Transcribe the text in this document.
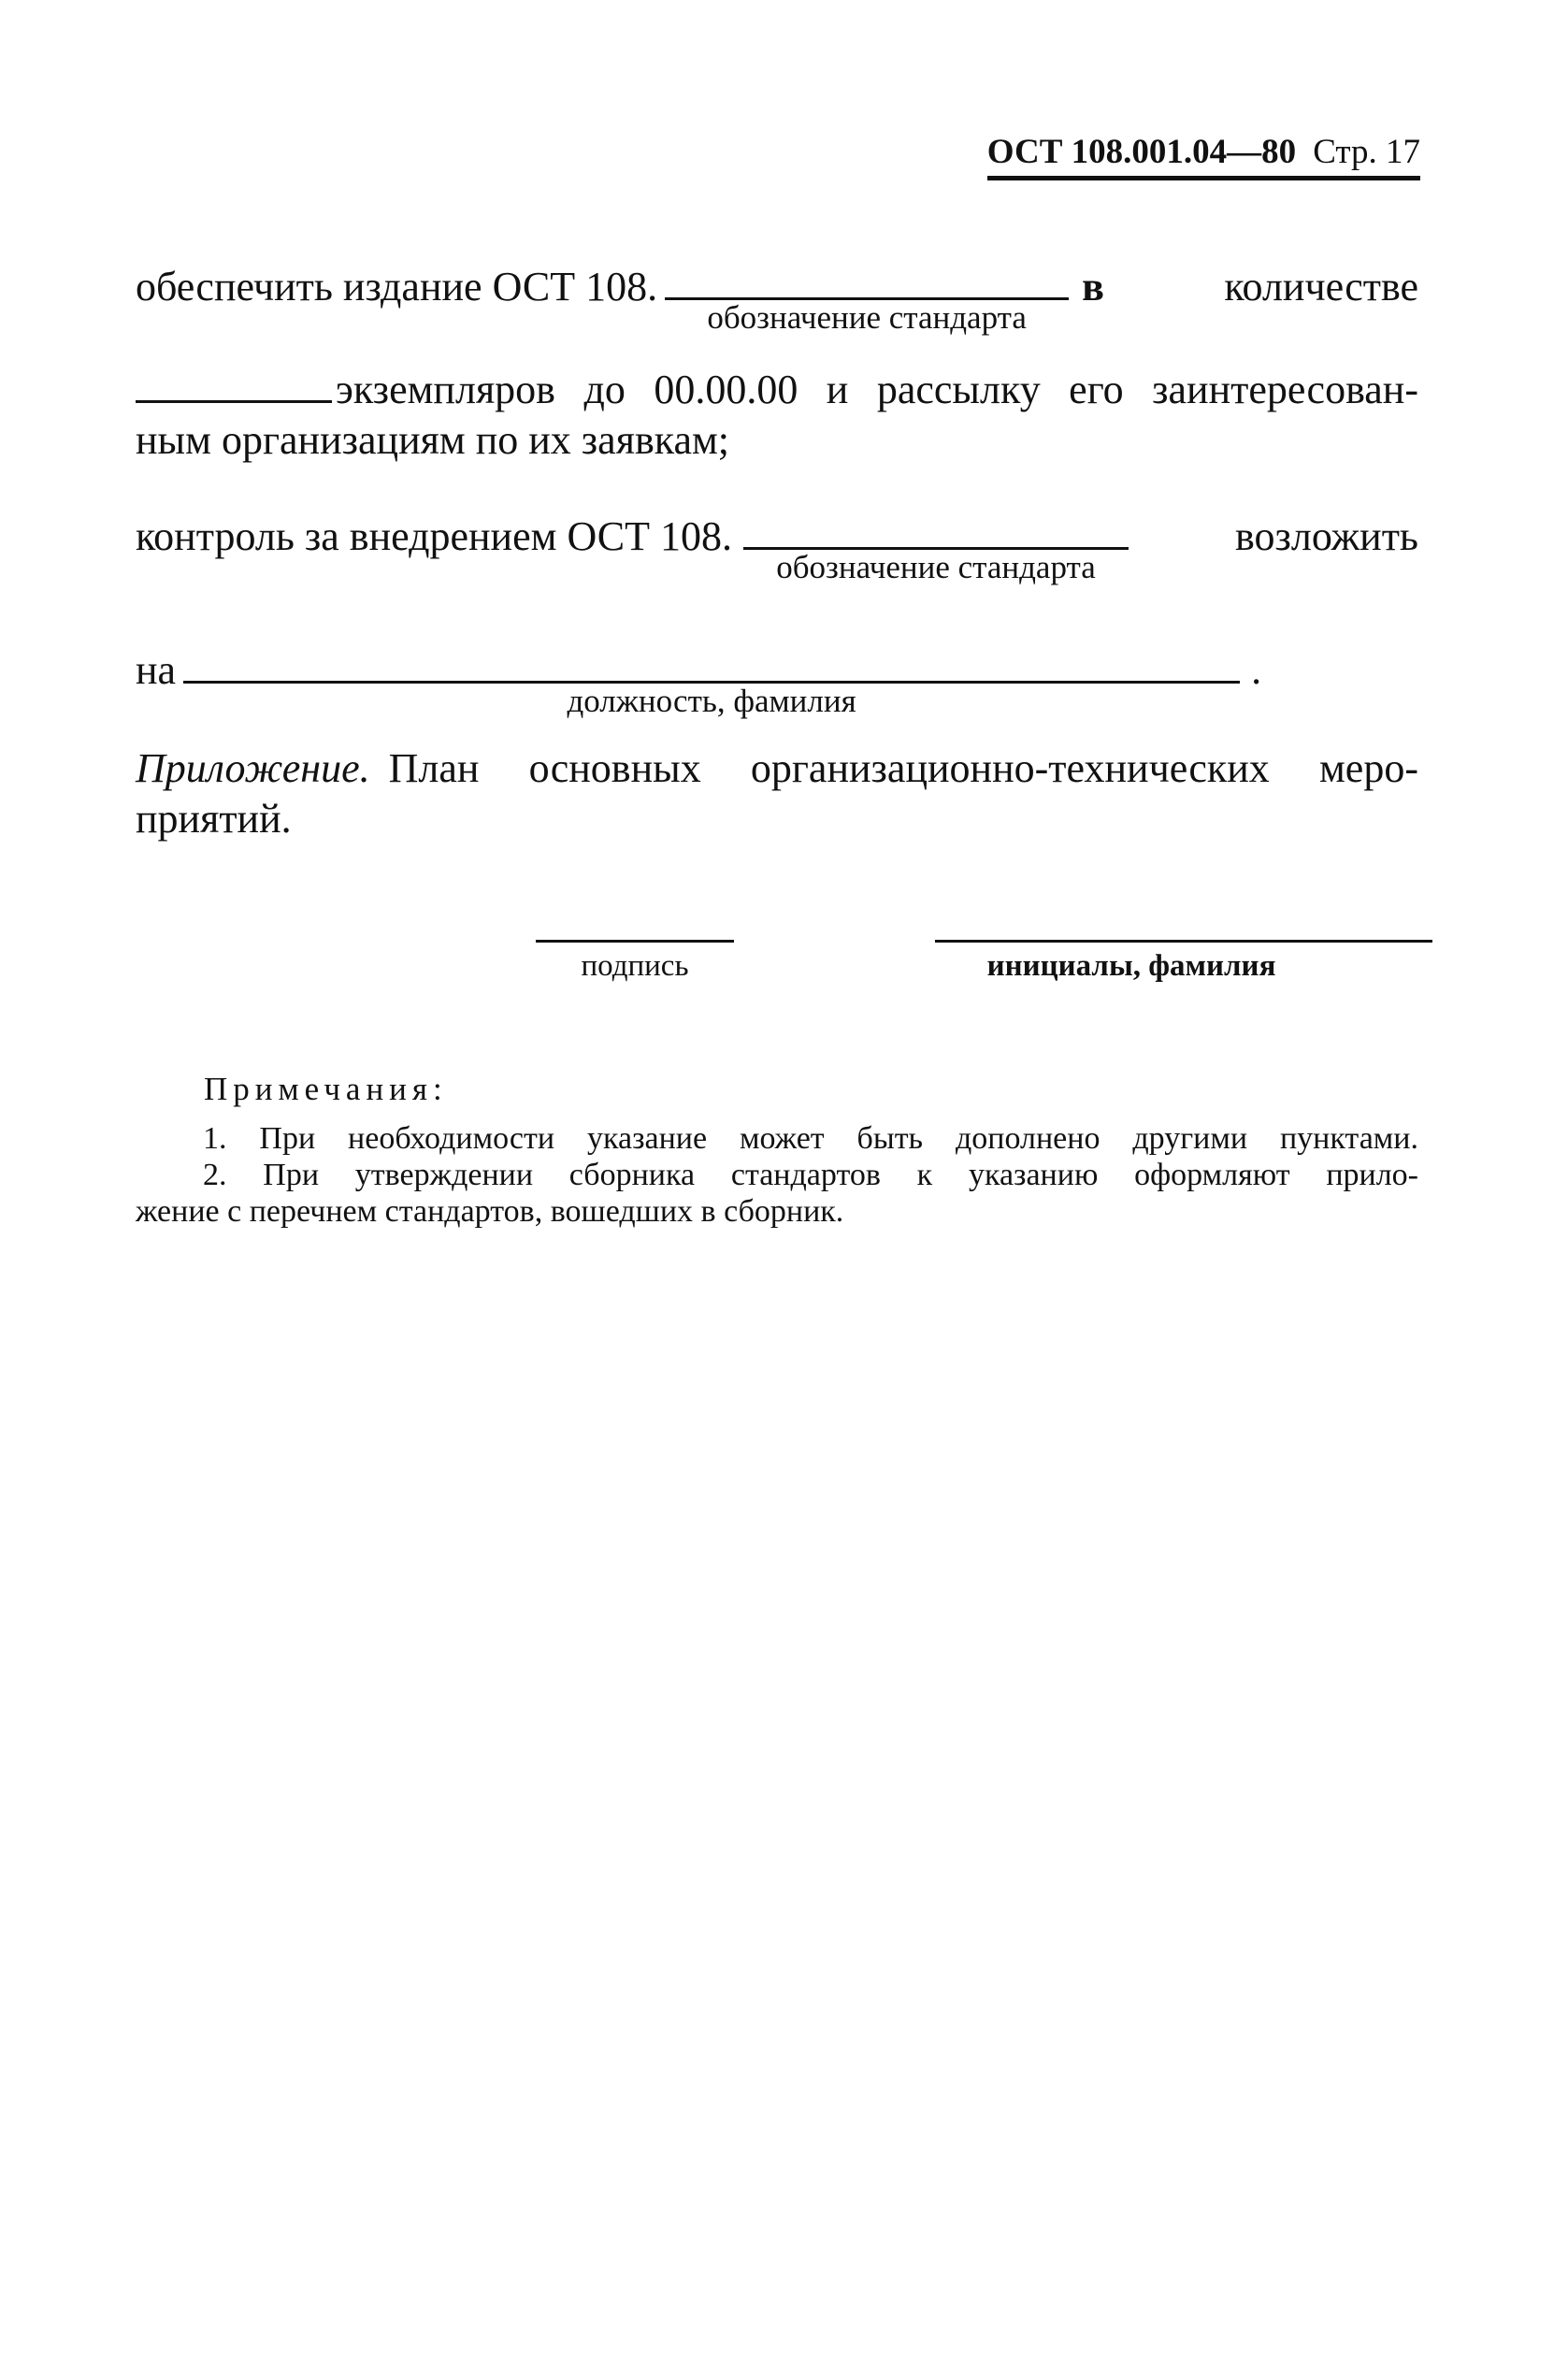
ОСТ 108.001.04—80 Стр. 17
обеспечить издание ОСТ 108.
обозначение стандарта
в	количестве
экземпляров до 00.00.00 и рассылку его заинтересован-
ным организациям по их заявкам;
контроль за внедрением ОСТ 108.
обозначение стандарта
возложить
на
должность, фамилия
.
Приложение. План основных организационно-технических меро-
приятий.
подпись	инициалы, фамилия
Примечания:
1. При необходимости указание может быть дополнено другими пунктами.
2. При утверждении сборника стандартов к указанию оформляют прило-
жение с перечнем стандартов, вошедших в сборник.
